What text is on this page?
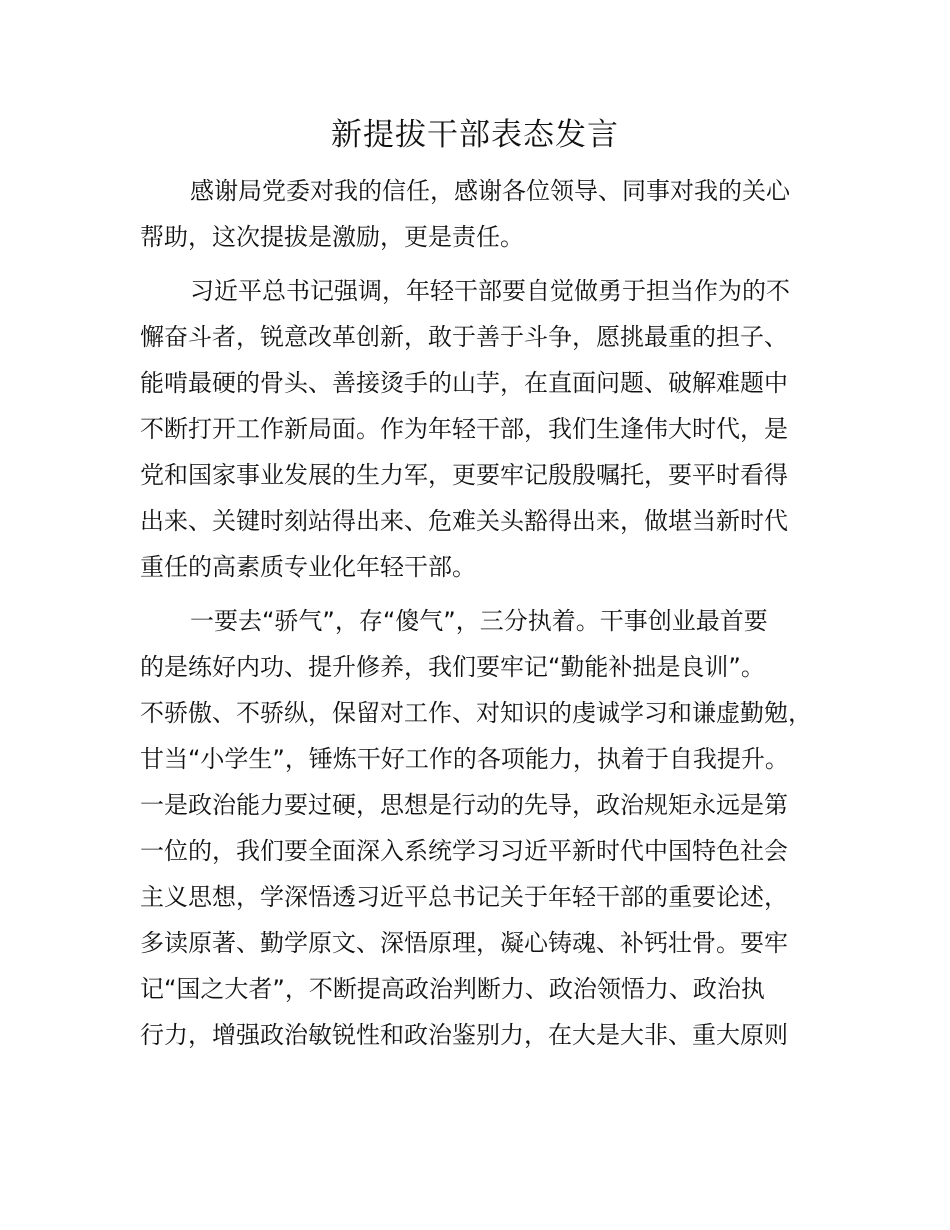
新提拔干部表态发言
感谢局党委对我的信任，感谢各位领导、同事对我的关心
帮助，这次提拔是激励，更是责任。
习近平总书记强调，年轻干部要自觉做勇于担当作为的不
懈奋斗者，锐意改革创新，敢于善于斗争，愿挑最重的担子、
能啃最硬的骨头、善接烫手的山芋，在直面问题、破解难题中
不断打开工作新局面。作为年轻干部，我们生逢伟大时代，是
党和国家事业发展的生力军，更要牢记殷殷嘱托，要平时看得
出来、关键时刻站得出来、危难关头豁得出来，做堪当新时代
重任的高素质专业化年轻干部。
一要去“骄气”，存“傻气”，三分执着。干事创业最首要
的是练好内功、提升修养，我们要牢记“勤能补拙是良训”。
不骄傲、不骄纵，保留对工作、对知识的虔诚学习和谦虚勤勉，
甘当“小学生”，锤炼干好工作的各项能力，执着于自我提升。
一是政治能力要过硬，思想是行动的先导，政治规矩永远是第
一位的，我们要全面深入系统学习习近平新时代中国特色社会
主义思想，学深悟透习近平总书记关于年轻干部的重要论述，
多读原著、勤学原文、深悟原理，凝心铸魂、补钙壮骨。要牢
记“国之大者”，不断提高政治判断力、政治领悟力、政治执
行力，增强政治敏锐性和政治鉴别力，在大是大非、重大原则
